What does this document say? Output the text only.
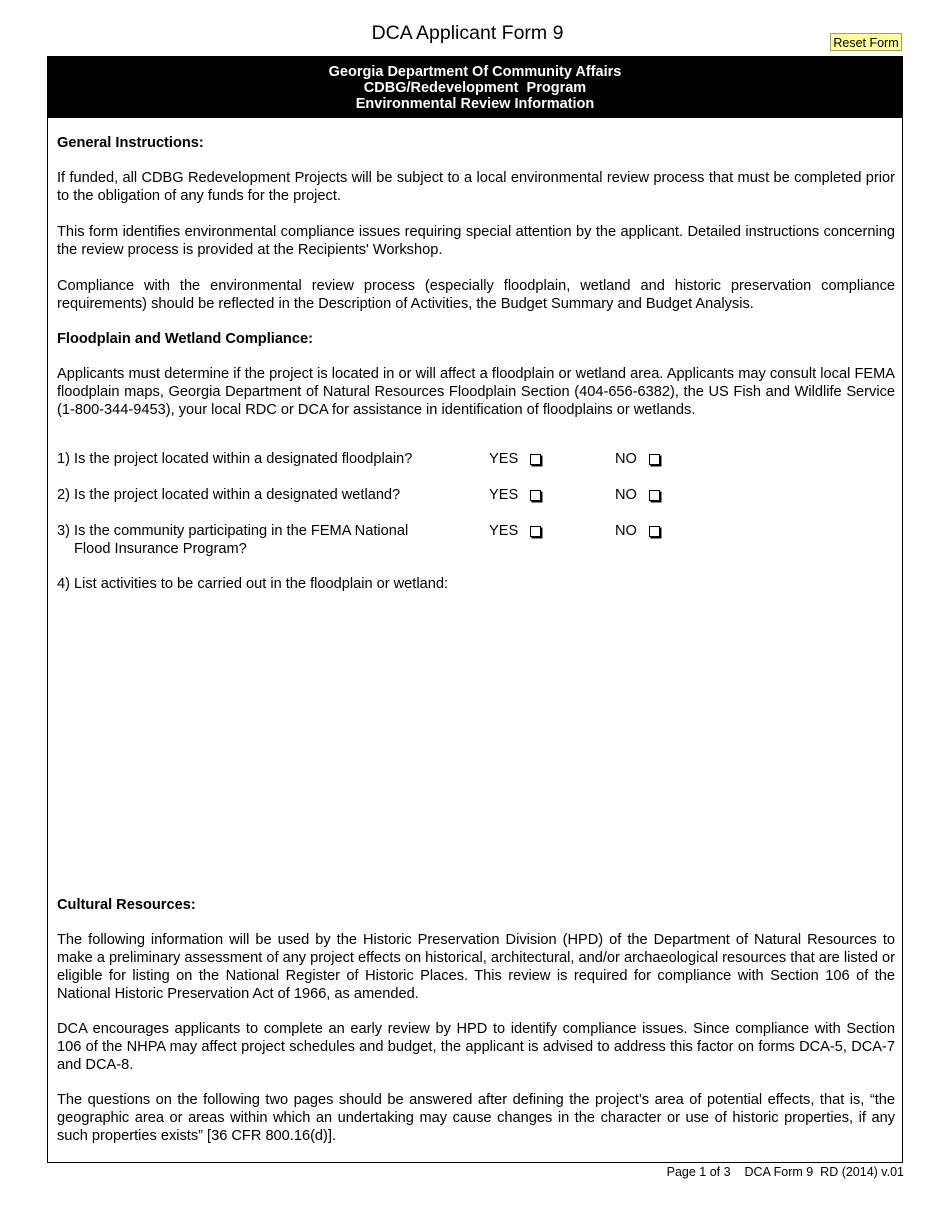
DCA Applicant Form 9	Reset Form
Georgia Department Of Community Affairs
CDBG/Redevelopment  Program
Environmental Review Information
General Instructions:
If funded, all CDBG Redevelopment Projects will be subject to a local environmental review process that must be completed prior to the obligation of any funds for the project.
This form identifies environmental compliance issues requiring special attention by the applicant. Detailed instructions concerning the review process is provided at the Recipients' Workshop.
Compliance with the environmental review process (especially floodplain, wetland and historic preservation compliance requirements) should be reflected in the Description of Activities, the Budget Summary and Budget Analysis.
Floodplain and Wetland Compliance:
Applicants must determine if the project is located in or will affect a floodplain or wetland area. Applicants may consult local FEMA floodplain maps, Georgia Department of Natural Resources Floodplain Section (404-656-6382), the US Fish and Wildlife Service (1-800-344-9453), your local RDC or DCA for assistance in identification of floodplains or wetlands.
1) Is the project located within a designated floodplain?	YES	NO
2) Is the project located within a designated wetland?	YES	NO
3) Is the community participating in the FEMA National
Flood Insurance Program?
YES	NO
4) List activities to be carried out in the floodplain or wetland:
Cultural Resources:
The following information will be used by the Historic Preservation Division (HPD) of the Department of Natural Resources to make a preliminary assessment of any project effects on historical, architectural, and/or archaeological resources that are listed or eligible for listing on the National Register of Historic Places. This review is required for compliance with Section 106 of the National Historic Preservation Act of 1966, as amended.
DCA encourages applicants to complete an early review by HPD to identify compliance issues. Since compliance with Section 106 of the NHPA may affect project schedules and budget, the applicant is advised to address this factor on forms DCA-5, DCA-7 and DCA-8.
The questions on the following two pages should be answered after defining the project’s area of potential effects, that is, “the geographic area or areas within which an undertaking may cause changes in the character or use of historic properties, if any such properties exists” [36 CFR 800.16(d)].
Page 1 of 3    DCA Form 9  RD (2014) v.01
